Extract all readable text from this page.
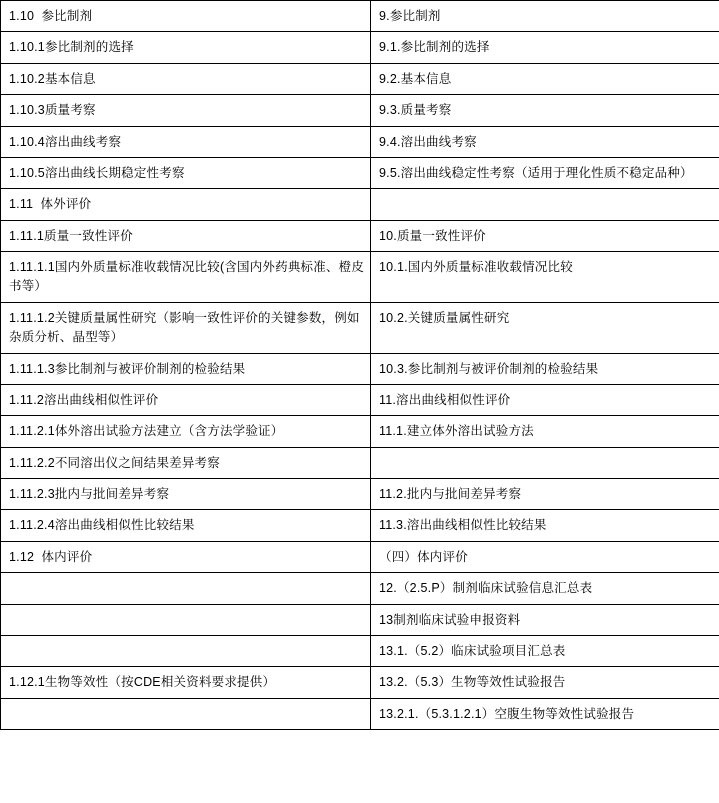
1.10  参比制剂	9.参比制剂

1.10.1参比制剂的选择	9.1.参比制剂的选择

1.10.2基本信息	9.2.基本信息

1.10.3质量考察	9.3.质量考察

1.10.4溶出曲线考察	9.4.溶出曲线考察

1.10.5溶出曲线长期稳定性考察	9.5.溶出曲线稳定性考察（适用于理化性质不稳定品种）

1.11  体外评价	

1.11.1质量一致性评价	10.质量一致性评价

1.11.1.1国内外质量标准收载情况比较(含国内外药典标准、橙皮书等）	10.1.国内外质量标准收载情况比较

1.11.1.2关键质量属性研究（影响一致性评价的关键参数，例如杂质分析、晶型等）	10.2.关键质量属性研究

1.11.1.3参比制剂与被评价制剂的检验结果	10.3.参比制剂与被评价制剂的检验结果

1.11.2溶出曲线相似性评价	11.溶出曲线相似性评价

1.11.2.1体外溶出试验方法建立（含方法学验证）	11.1.建立体外溶出试验方法

1.11.2.2不同溶出仪之间结果差异考察	

1.11.2.3批内与批间差异考察	11.2.批内与批间差异考察

1.11.2.4溶出曲线相似性比较结果	11.3.溶出曲线相似性比较结果

1.12  体内评价	（四）体内评价

	12.（2.5.P）制剂临床试验信息汇总表

	13制剂临床试验申报资料

	13.1.（5.2）临床试验项目汇总表

1.12.1生物等效性（按CDE相关资料要求提供）	13.2.（5.3）生物等效性试验报告

	13.2.1.（5.3.1.2.1）空腹生物等效性试验报告
